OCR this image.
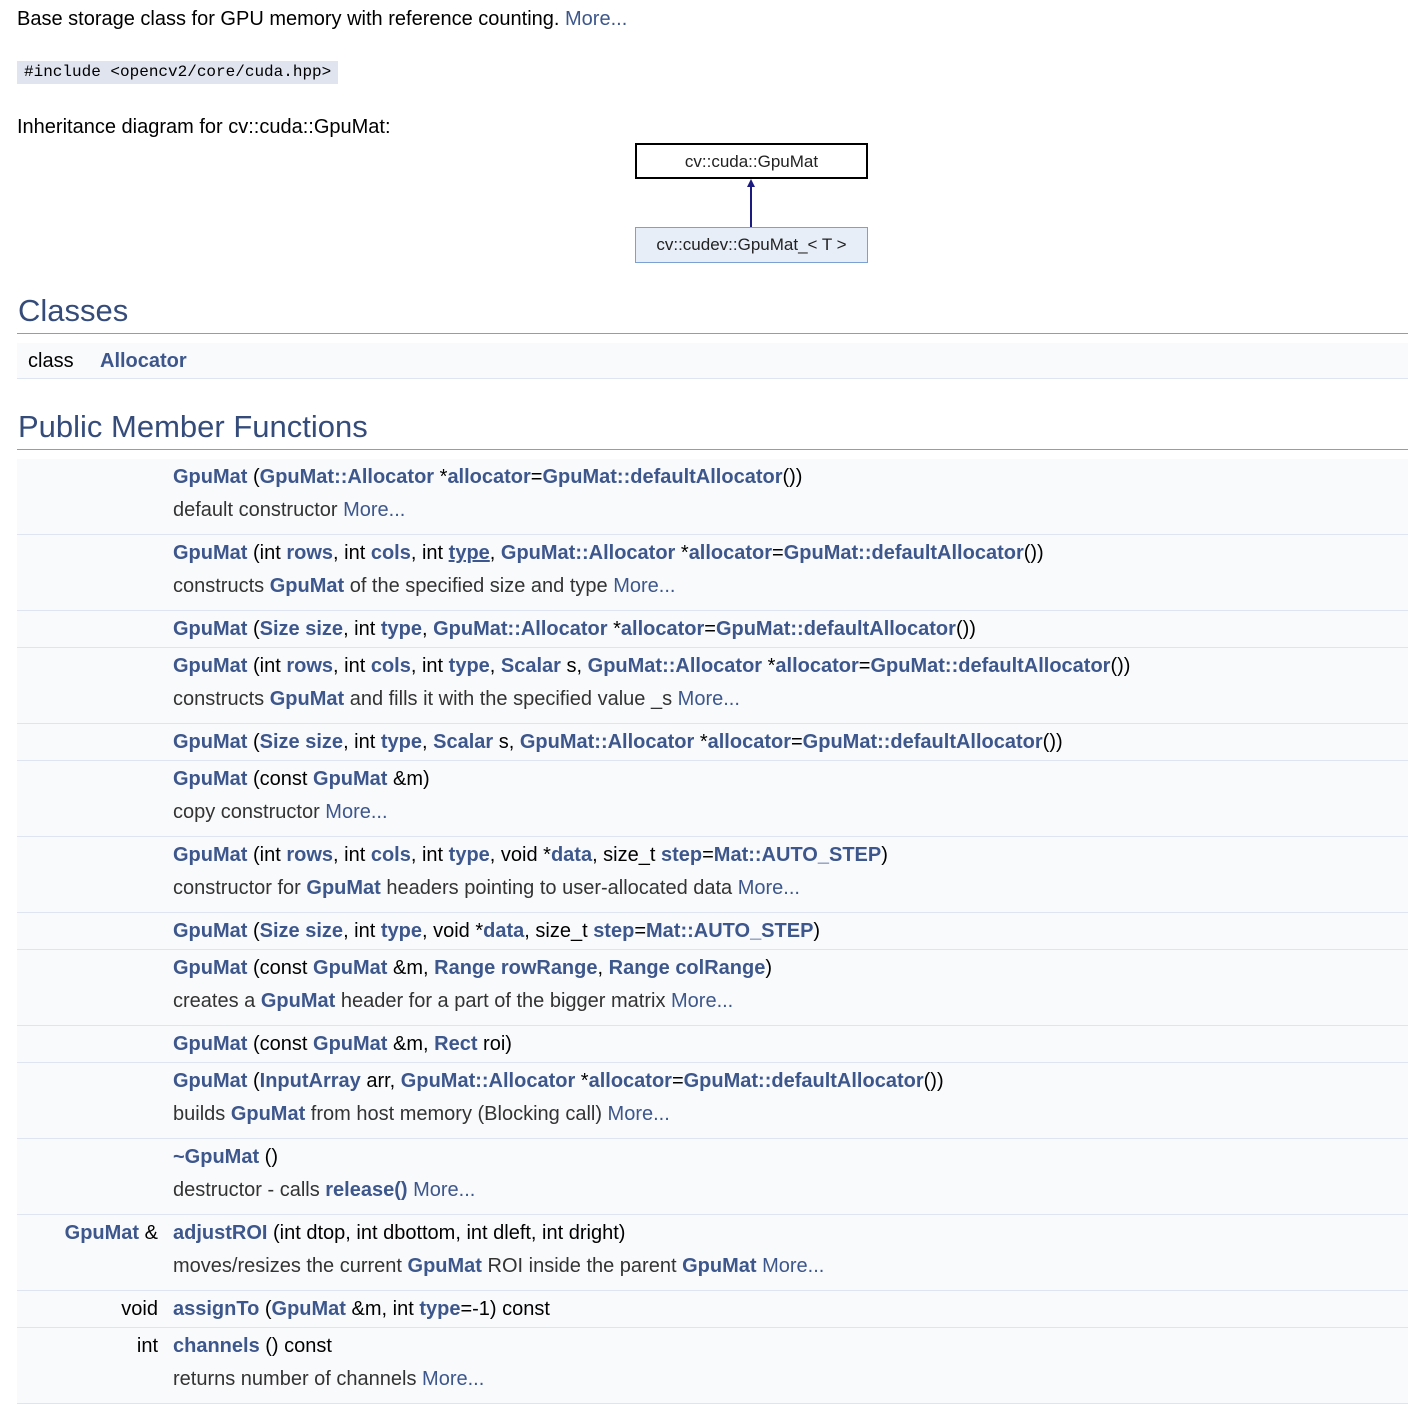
Base storage class for GPU memory with reference counting. More...
#include <opencv2/core/cuda.hpp>
Inheritance diagram for cv::cuda::GpuMat:
cv::cuda::GpuMat
cv::cudev::GpuMat_< T >
Classes
class Allocator
Public Member Functions
GpuMat (GpuMat::Allocator *allocator=GpuMat::defaultAllocator())
default constructor More...
GpuMat (int rows, int cols, int type, GpuMat::Allocator *allocator=GpuMat::defaultAllocator())
constructs GpuMat of the specified size and type More...
GpuMat (Size size, int type, GpuMat::Allocator *allocator=GpuMat::defaultAllocator())
GpuMat (int rows, int cols, int type, Scalar s, GpuMat::Allocator *allocator=GpuMat::defaultAllocator())
constructs GpuMat and fills it with the specified value _s More...
GpuMat (Size size, int type, Scalar s, GpuMat::Allocator *allocator=GpuMat::defaultAllocator())
GpuMat (const GpuMat &m)
copy constructor More...
GpuMat (int rows, int cols, int type, void *data, size_t step=Mat::AUTO_STEP)
constructor for GpuMat headers pointing to user-allocated data More...
GpuMat (Size size, int type, void *data, size_t step=Mat::AUTO_STEP)
GpuMat (const GpuMat &m, Range rowRange, Range colRange)
creates a GpuMat header for a part of the bigger matrix More...
GpuMat (const GpuMat &m, Rect roi)
GpuMat (InputArray arr, GpuMat::Allocator *allocator=GpuMat::defaultAllocator())
builds GpuMat from host memory (Blocking call) More...
~GpuMat ()
destructor - calls release() More...
GpuMat & adjustROI (int dtop, int dbottom, int dleft, int dright)
moves/resizes the current GpuMat ROI inside the parent GpuMat More...
void assignTo (GpuMat &m, int type=-1) const
int channels () const
returns number of channels More...
